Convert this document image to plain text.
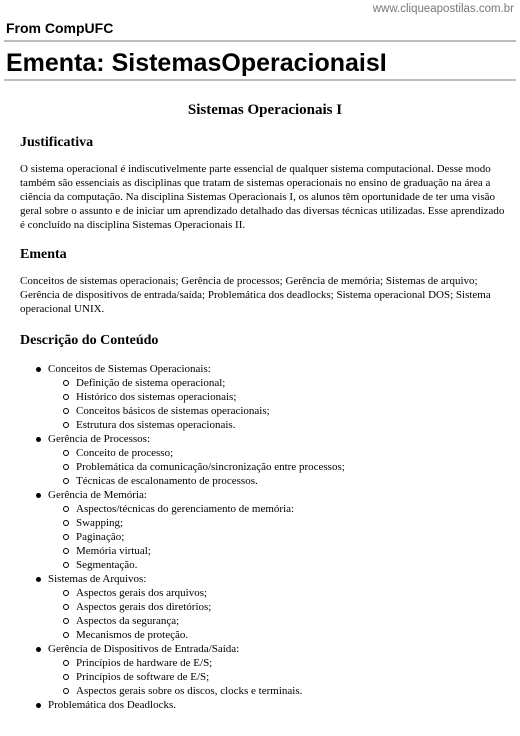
www.cliqueapostilas.com.br
From CompUFC
Ementa: SistemasOperacionaisI
Sistemas Operacionais I
Justificativa

O sistema operacional é indiscutivelmente parte essencial de qualquer sistema computacional. Desse modo também são essenciais as disciplinas que tratam de sistemas operacionais no ensino de graduação na área a ciência da computação. Na disciplina Sistemas Operacionais I, os alunos têm oportunidade de ter uma visão geral sobre o assunto e de iniciar um aprendizado detalhado das diversas técnicas utilizadas. Esse aprendizado é concluído na disciplina Sistemas Operacionais II.

Ementa

Conceitos de sistemas operacionais; Gerência de processos; Gerência de memória; Sistemas de arquivo; Gerência de dispositivos de entrada/saída; Problemática dos deadlocks; Sistema operacional DOS; Sistema operacional UNIX.

Descrição do Conteúdo
Conceitos de Sistemas Operacionais:
Definição de sistema operacional;
Histórico dos sistemas operacionais;
Conceitos básicos de sistemas operacionais;
Estrutura dos sistemas operacionais.
Gerência de Processos:
Conceito de processo;
Problemática da comunicação/sincronização entre processos;
Técnicas de escalonamento de processos.
Gerência de Memória:
Aspectos/técnicas do gerenciamento de memória:
Swapping;
Paginação;
Memória virtual;
Segmentação.
Sistemas de Arquivos:
Aspectos gerais dos arquivos;
Aspectos gerais dos diretórios;
Aspectos da segurança;
Mecanismos de proteção.
Gerência de Dispositivos de Entrada/Saída:
Princípios de hardware de E/S;
Princípios de software de E/S;
Aspectos gerais sobre os discos, clocks e terminais.
Problemática dos Deadlocks.
